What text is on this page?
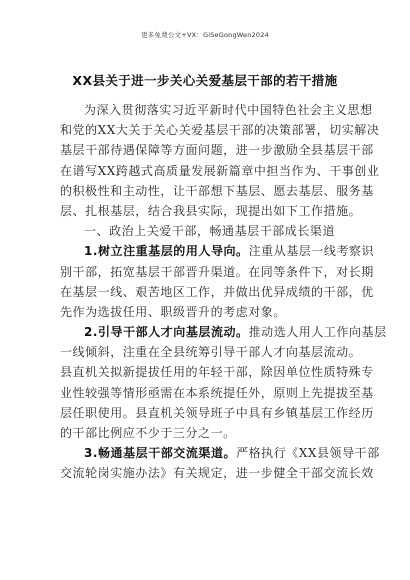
更多免费公文+VX：GiSeGongWen2024
XX县关于进一步关心关爱基层干部的若干措施
为深入贯彻落实习近平新时代中国特色社会主义思想
和党的XX大关于关心关爱基层干部的决策部署，切实解决
基层干部待遇保障等方面问题，进一步激励全县基层干部
在谱写XX跨越式高质量发展新篇章中担当作为、干事创业
的积极性和主动性，让干部想下基层、愿去基层、服务基
层、扎根基层，结合我县实际，现提出如下工作措施。
一、政治上关爱干部，畅通基层干部成长渠道
1.树立注重基层的用人导向。注重从基层一线考察识
别干部，拓宽基层干部晋升渠道。在同等条件下，对长期
在基层一线、艰苦地区工作，并做出优异成绩的干部，优
先作为选拔任用、职级晋升的考虑对象。
2.引导干部人才向基层流动。推动选人用人工作向基层
一线倾斜，注重在全县统筹引导干部人才向基层流动。
县直机关拟新提拔任用的年轻干部，除因单位性质特殊专
业性较强等情形亟需在本系统提任外，原则上先提拔至基
层任职使用。县直机关领导班子中具有乡镇基层工作经历
的干部比例应不少于三分之一。
3.畅通基层干部交流渠道。严格执行《XX县领导干部
交流轮岗实施办法》有关规定，进一步健全干部交流长效
